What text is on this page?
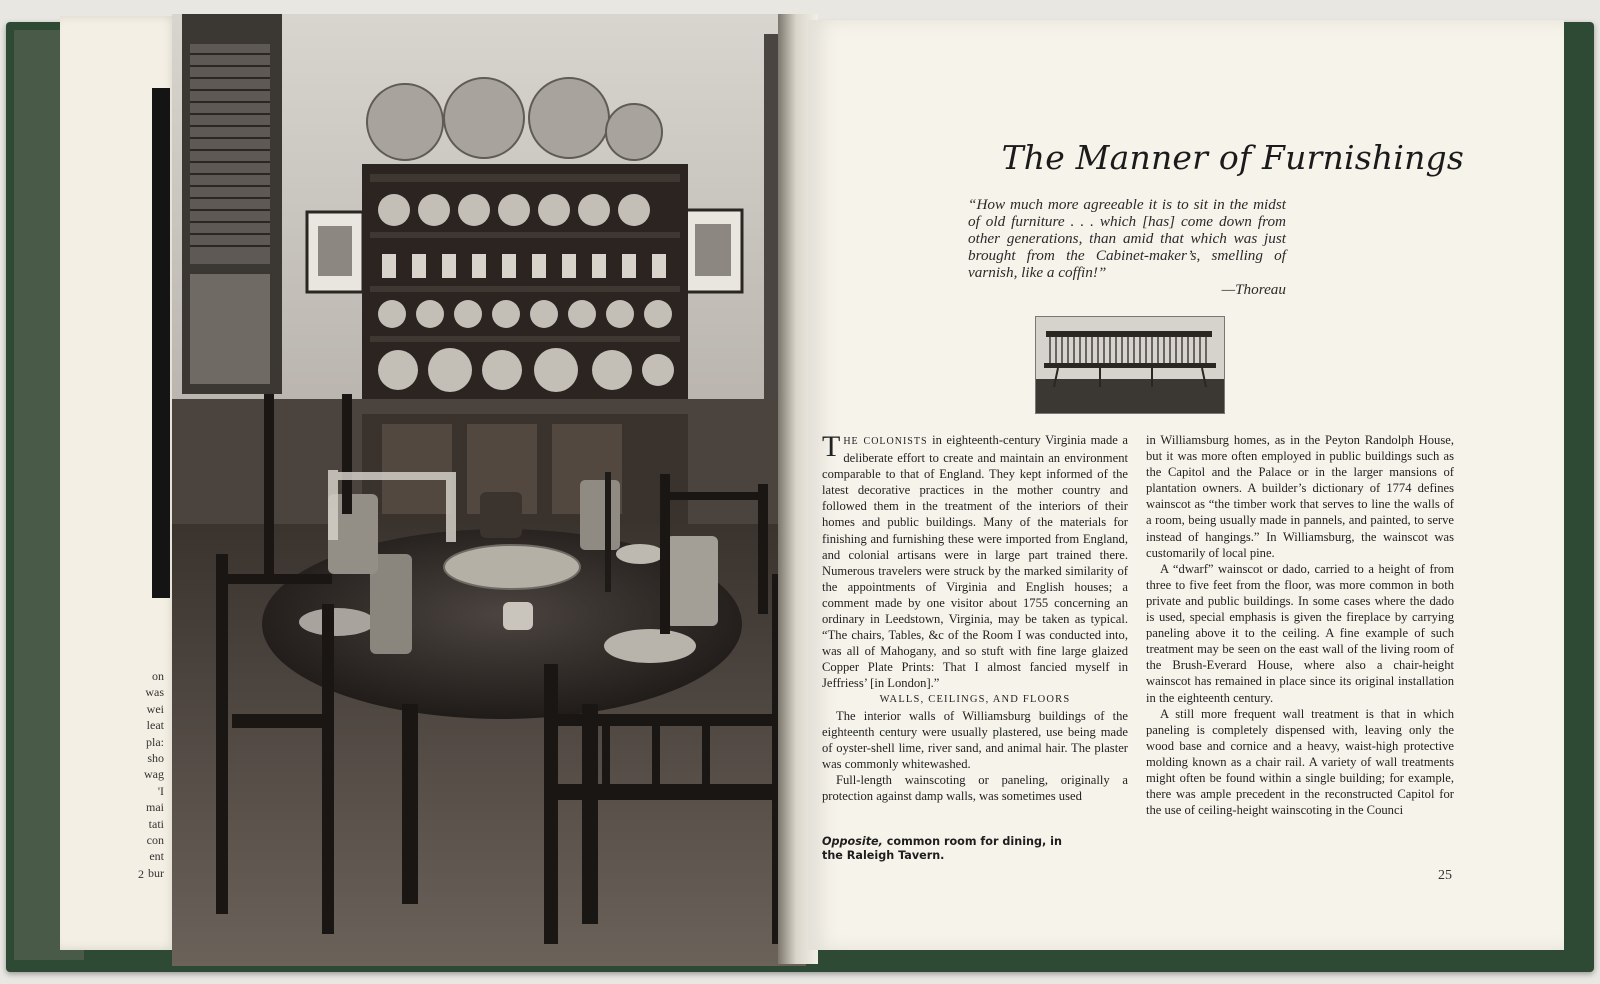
on
was
wei
leat
pla:
sho
wag
'I
mai
tati
con
ent
bur
2
The Manner of Furnishings
“How much more agreeable it is to sit in the midst of old furniture . . . which [has] come down from other generations, than amid that which was just brought from the Cabinet-maker’s, smelling of varnish, like a coffin!”
—Thoreau

THE COLONISTS in eighteenth-century Virginia made a deliberate effort to create and maintain an environment comparable to that of England. They kept informed of the latest decorative practices in the mother country and followed them in the treatment of the interiors of their homes and public buildings. Many of the materials for finishing and furnishing these were imported from England, and colonial artisans were in large part trained there. Numerous travelers were struck by the marked similarity of the appointments of Virginia and English houses; a comment made by one visitor about 1755 concerning an ordinary in Leedstown, Virginia, may be taken as typical. “The chairs, Tables, &c of the Room I was conducted into, was all of Mahogany, and so stuft with fine large glaized Copper Plate Prints: That I almost fancied myself in Jeffriess’ [in London].”

WALLS, CEILINGS, AND FLOORS

The interior walls of Williamsburg buildings of the eighteenth century were usually plastered, use being made of oyster-shell lime, river sand, and animal hair. The plaster was commonly whitewashed.

Full-length wainscoting or paneling, originally a protection against damp walls, was sometimes used

Opposite, common room for dining, in the Raleigh Tavern.

in Williamsburg homes, as in the Peyton Randolph House, but it was more often employed in public buildings such as the Capitol and the Palace or in the larger mansions of plantation owners. A builder’s dictionary of 1774 defines wainscot as “the timber work that serves to line the walls of a room, being usually made in pannels, and painted, to serve instead of hangings.” In Williamsburg, the wainscot was customarily of local pine.

A “dwarf” wainscot or dado, carried to a height of from three to five feet from the floor, was more common in both private and public buildings. In some cases where the dado is used, special emphasis is given the fireplace by carrying paneling above it to the ceiling. A fine example of such treatment may be seen on the east wall of the living room of the Brush-Everard House, where also a chair-height wainscot has remained in place since its original installation in the eighteenth century.

A still more frequent wall treatment is that in which paneling is completely dispensed with, leaving only the wood base and cornice and a heavy, waist-high protective molding known as a chair rail. A variety of wall treatments might often be found within a single building; for example, there was ample precedent in the reconstructed Capitol for the use of ceiling-height wainscoting in the Counci

25
